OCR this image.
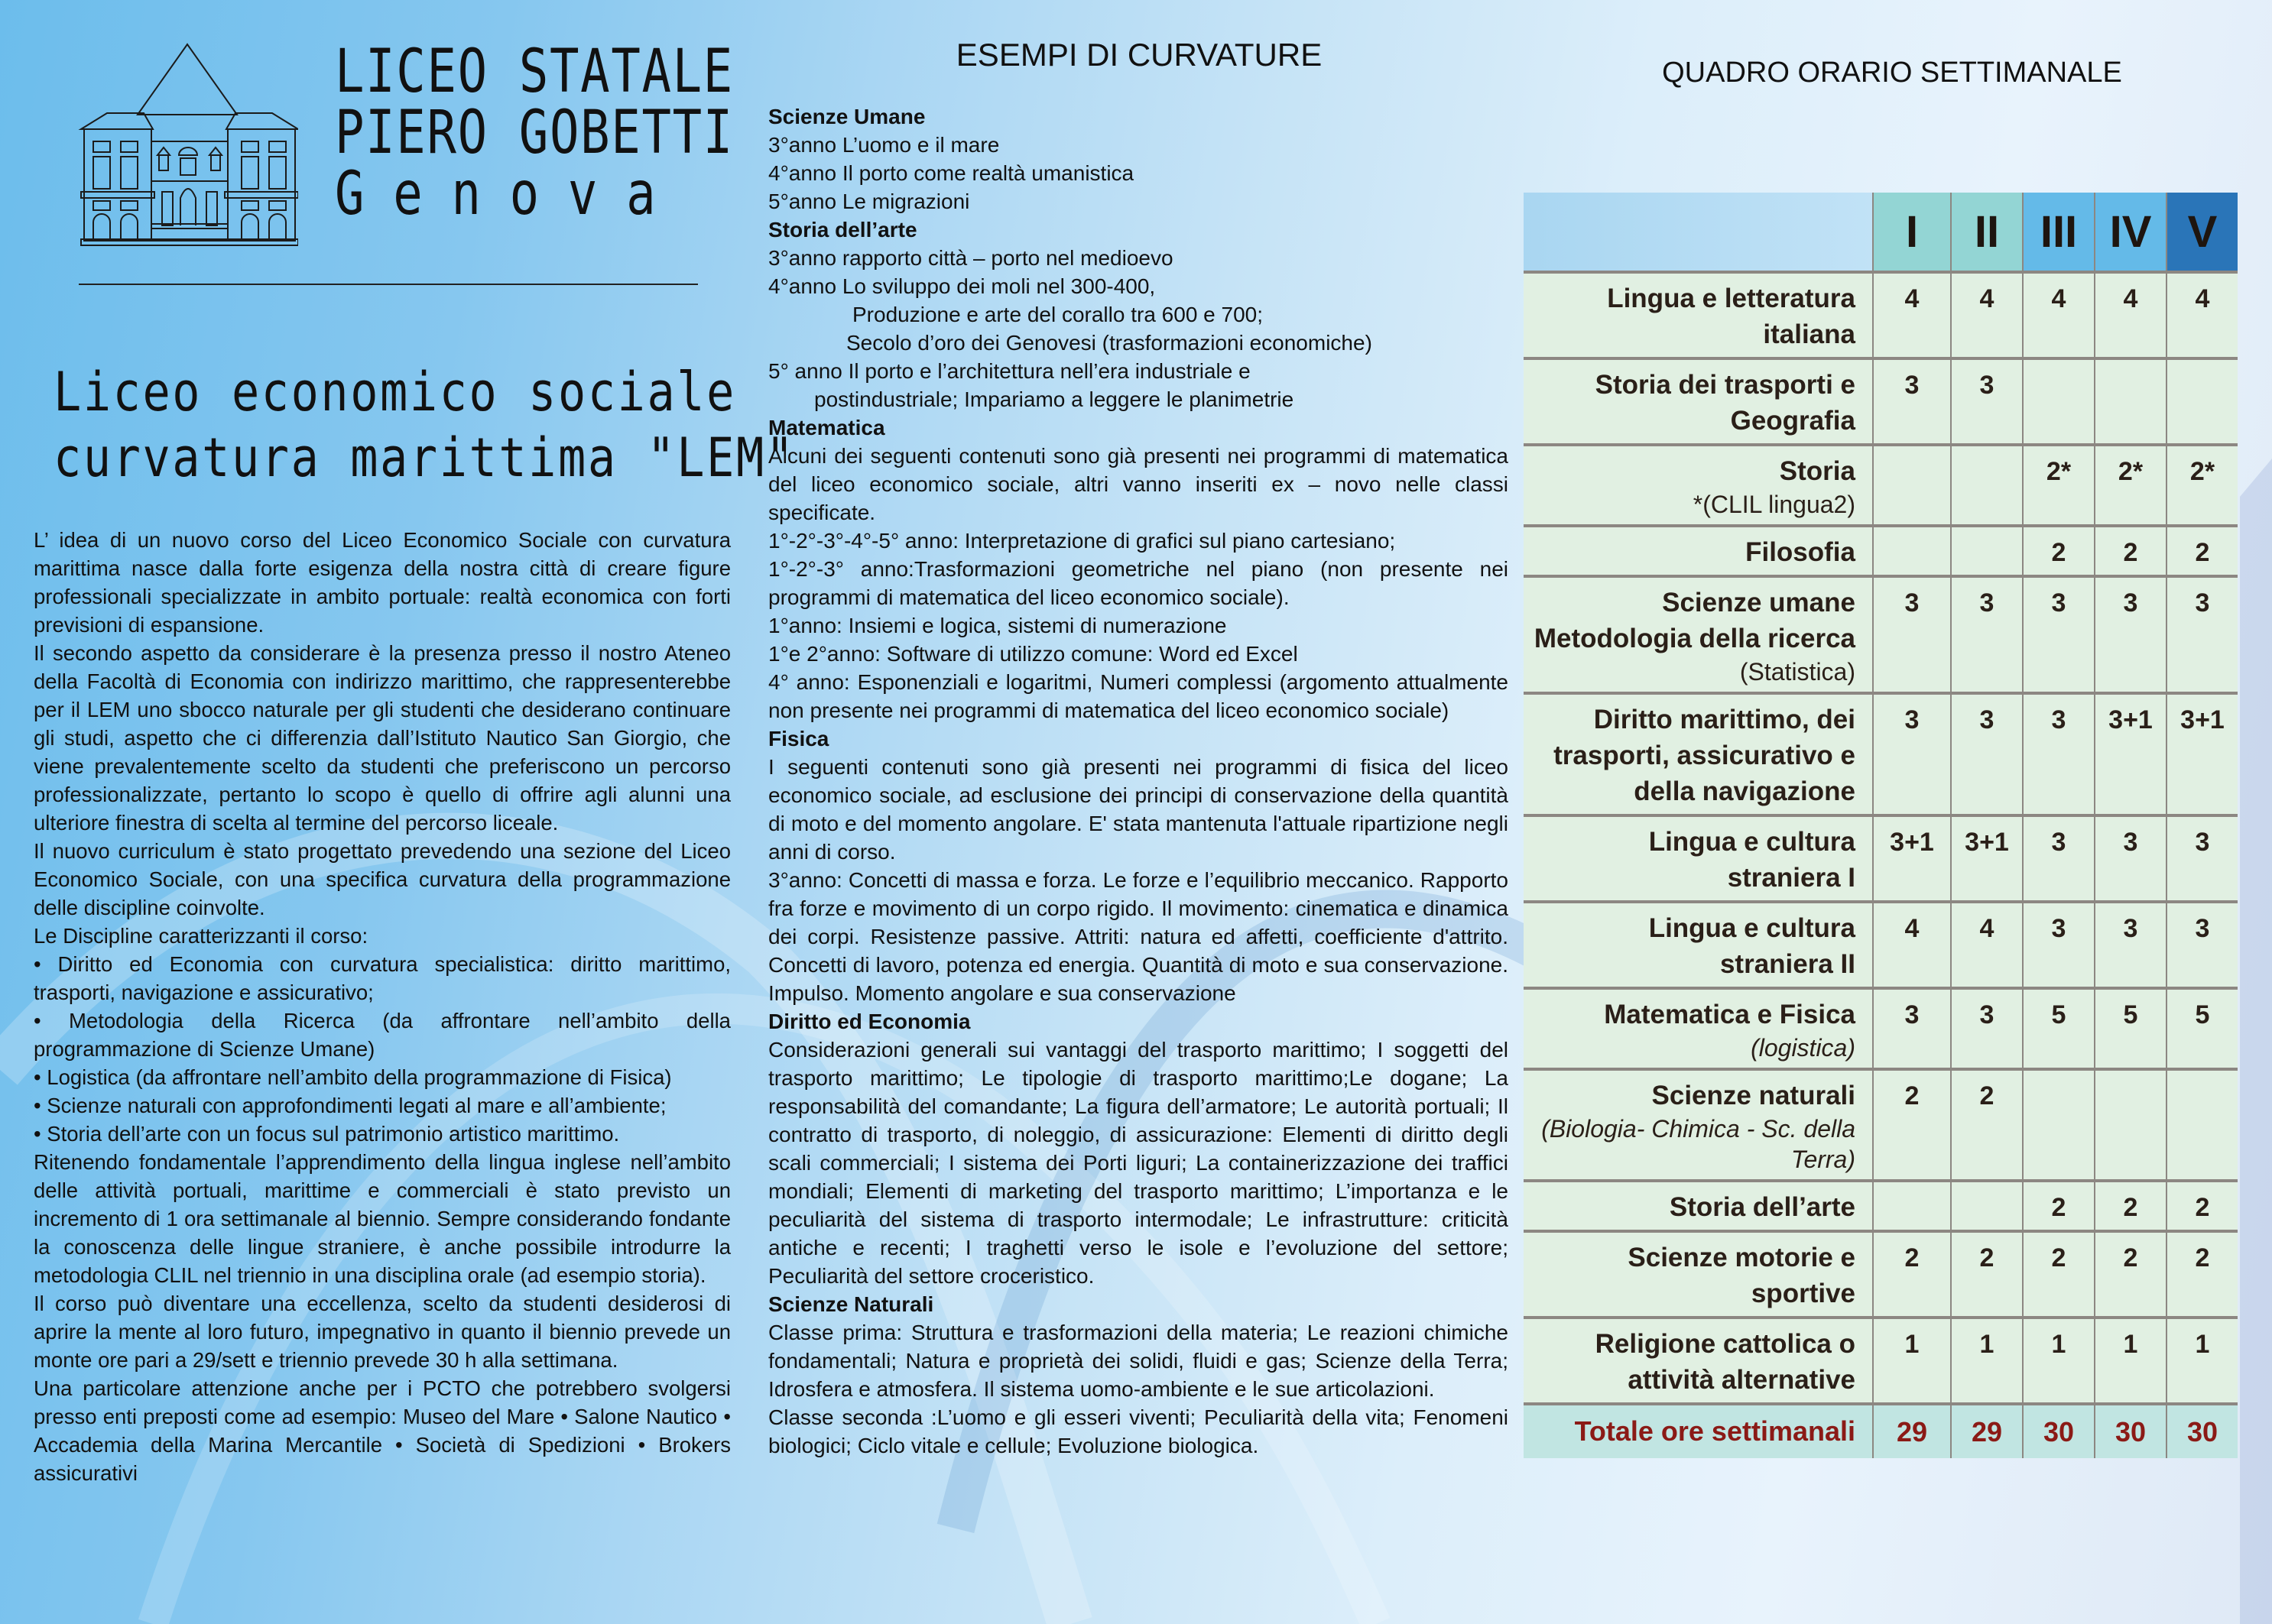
LICEO STATALE
PIERO GOBETTI
Genova
Liceo economico sociale
curvatura marittima "LEM"

L’ idea di un nuovo corso del Liceo Economico Sociale con curvatura marittima nasce dalla forte esigenza della nostra città di creare figure professionali specializzate in ambito portuale: realtà economica con forti previsioni di espansione.

Il secondo aspetto da considerare è la presenza presso il nostro Ateneo della Facoltà di Economia con indirizzo marittimo, che rappresenterebbe per il LEM uno sbocco naturale per gli studenti che desiderano continuare gli studi, aspetto che ci differenzia dall’Istituto Nautico San Giorgio, che viene prevalentemente scelto da studenti che preferiscono un percorso professionalizzate, pertanto lo scopo è quello di offrire agli alunni una ulteriore finestra di scelta al termine del percorso liceale.

Il nuovo curriculum è stato progettato prevedendo una sezione del Liceo Economico Sociale, con una specifica curvatura della programmazione delle discipline coinvolte.

Le Discipline caratterizzanti il corso:

• Diritto ed Economia con curvatura specialistica: diritto marittimo, trasporti, navigazione e assicurativo;

• Metodologia della Ricerca (da affrontare nell’ambito della programmazione di Scienze Umane)

• Logistica (da affrontare nell’ambito della programmazione di Fisica)

• Scienze naturali con approfondimenti legati al mare e all’ambiente;

• Storia dell’arte con un focus sul patrimonio artistico marittimo.

Ritenendo fondamentale l’apprendimento della lingua inglese nell’ambito delle attività portuali, marittime e commerciali è stato previsto un incremento di 1 ora settimanale al biennio. Sempre considerando fondante la conoscenza delle lingue straniere, è anche possibile introdurre la metodologia CLIL nel triennio in una disciplina orale (ad esempio storia).

Il corso può diventare una eccellenza, scelto da studenti desiderosi di aprire la mente al loro futuro, impegnativo in quanto il biennio prevede un monte ore pari a 29/sett e triennio prevede 30 h alla settimana.

Una particolare attenzione anche per i PCTO che potrebbero svolgersi presso enti preposti come ad esempio: Museo del Mare • Salone Nautico • Accademia della Marina Mercantile • Società di Spedizioni • Brokers assicurativi

ESEMPI DI CURVATURE

Scienze Umane

3°anno L’uomo e il mare

4°anno Il porto come realtà umanistica

5°anno Le migrazioni

Storia dell’arte

3°anno rapporto città – porto nel medioevo

4°anno Lo sviluppo dei moli nel 300-400,

Produzione e arte del corallo tra 600 e 700;

Secolo d’oro dei Genovesi (trasformazioni economiche)

5° anno Il porto e l’architettura nell’era industriale e

postindustriale; Impariamo a leggere le planimetrie

Matematica

Alcuni dei seguenti contenuti sono già presenti nei programmi di matematica del liceo economico sociale, altri vanno inseriti ex – novo nelle classi specificate.

1°-2°-3°-4°-5° anno: Interpretazione di grafici sul piano cartesiano;

1°-2°-3° anno:Trasformazioni geometriche nel piano (non presente nei programmi di matematica del liceo economico sociale).

1°anno: Insiemi e logica, sistemi di numerazione

1°e 2°anno: Software di utilizzo comune: Word ed Excel

4° anno: Esponenziali e logaritmi, Numeri complessi (argomento attualmente non presente nei programmi di matematica del liceo economico sociale)

Fisica

I seguenti contenuti sono già presenti nei programmi di fisica del liceo economico sociale, ad esclusione dei principi di conservazione della quantità di moto e del momento angolare. E' stata mantenuta l'attuale ripartizione negli anni di corso.

3°anno: Concetti di massa e forza. Le forze e l’equilibrio meccanico. Rapporto fra forze e movimento di un corpo rigido. Il movimento: cinematica e dinamica dei corpi. Resistenze passive. Attriti: natura ed affetti, coefficiente d'attrito. Concetti di lavoro, potenza ed energia. Quantità di moto e sua conservazione. Impulso. Momento angolare e sua conservazione

Diritto ed Economia

Considerazioni generali sui vantaggi del trasporto marittimo; I soggetti del trasporto marittimo; Le tipologie di trasporto marittimo;Le dogane; La responsabilità del comandante; La figura dell’armatore; Le autorità portuali; Il contratto di trasporto, di noleggio, di assicurazione: Elementi di diritto degli scali commerciali; I sistema dei Porti liguri; La containerizzazione dei traffici mondiali; Elementi di marketing del trasporto marittimo; L’importanza e le peculiarità del sistema di trasporto intermodale; Le infrastrutture: criticità antiche e recenti; I traghetti verso le isole e l’evoluzione del settore; Peculiarità del settore croceristico.

Scienze Naturali

Classe prima: Struttura e trasformazioni della materia; Le reazioni chimiche fondamentali; Natura e proprietà dei solidi, fluidi e gas; Scienze della Terra; Idrosfera e atmosfera. Il sistema uomo-ambiente e le sue articolazioni.

Classe seconda :L’uomo e gli esseri viventi; Peculiarità della vita; Fenomeni biologici; Ciclo vitale e cellule; Evoluzione biologica.

QUADRO ORARIO SETTIMANALE
	I	II	III	IV	V
Lingua e letteratura italiana	4	4	4	4	4
Storia dei trasporti e Geografia	3	3			
Storia
*(CLIL lingua2)			2*	2*	2*
Filosofia			2	2	2
Scienze umane Metodologia della ricerca
(Statistica)	3	3	3	3	3
Diritto marittimo, dei trasporti, assicurativo e della navigazione	3	3	3	3+1	3+1
Lingua e cultura straniera I	3+1	3+1	3	3	3
Lingua e cultura straniera II	4	4	3	3	3
Matematica e Fisica
(logistica)	3	3	5	5	5
Scienze naturali
(Biologia- Chimica - Sc. della Terra)	2	2			
Storia dell’arte			2	2	2
Scienze motorie e sportive	2	2	2	2	2
Religione cattolica o attività alternative	1	1	1	1	1
Totale ore settimanali	29	29	30	30	30
